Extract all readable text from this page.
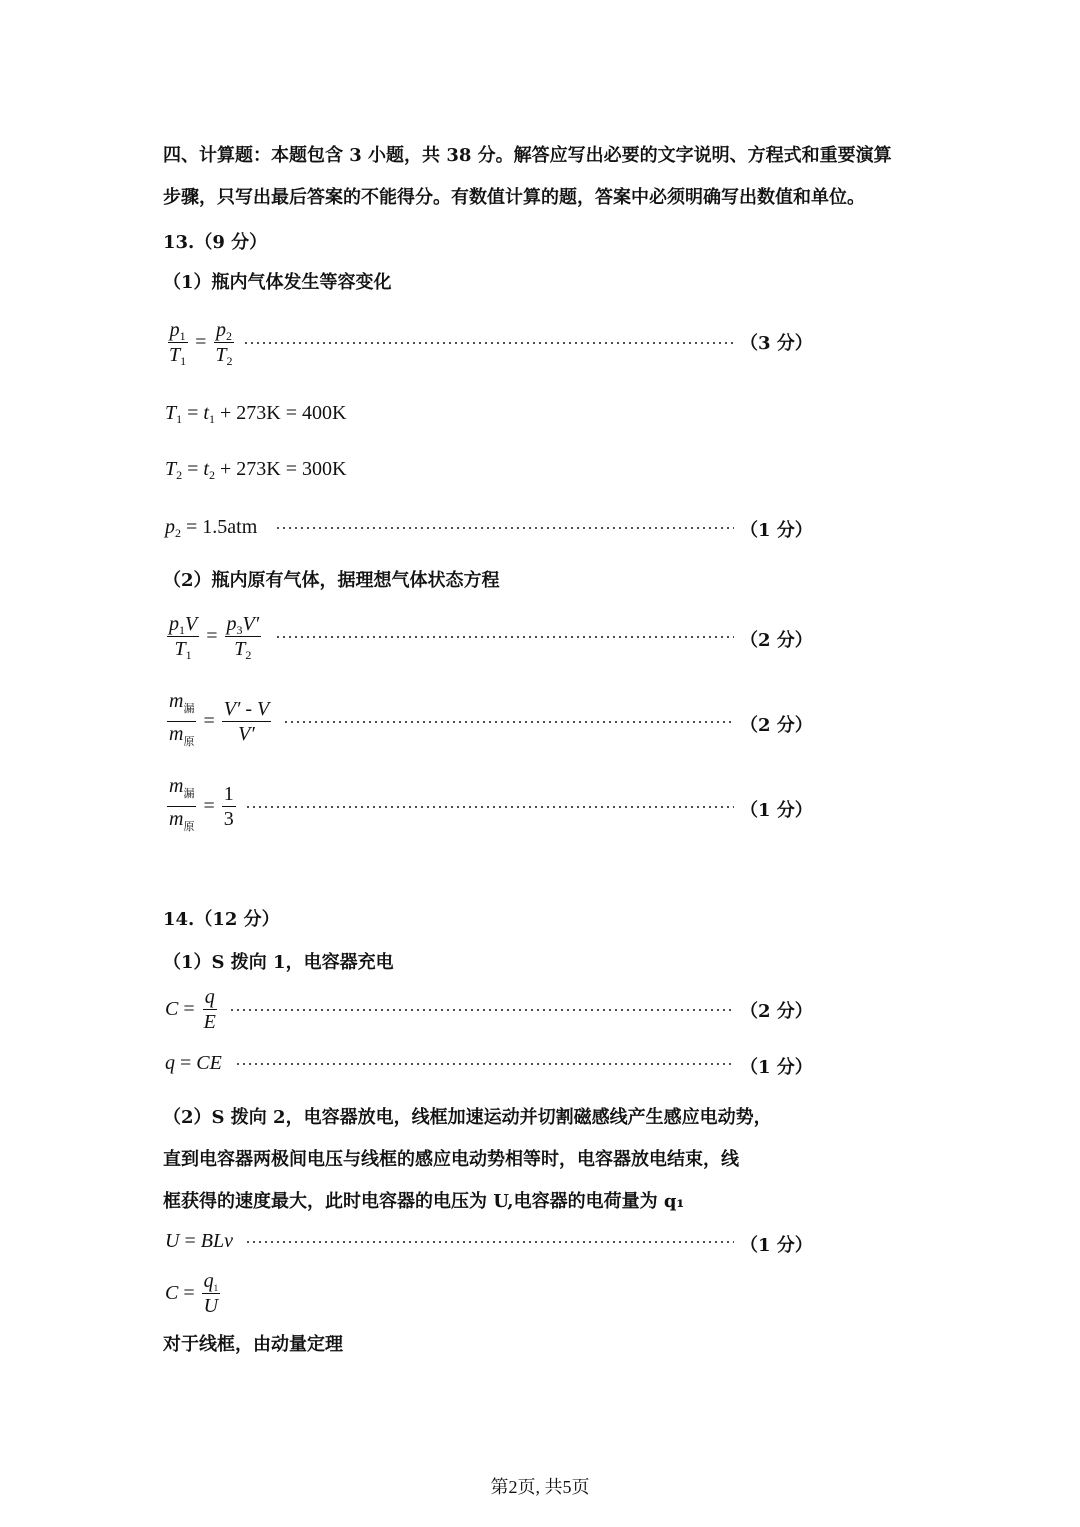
四、计算题：本题包含 3 小题，共 38 分。解答应写出必要的文字说明、方程式和重要演算
步骤，只写出最后答案的不能得分。有数值计算的题，答案中必须明确写出数值和单位。
13.（9 分）
（1）瓶内气体发生等容变化
$\frac{p_1}{T_1} = \frac{p_2}{T_2}$	（3 分）
$T_1 = t_1 + 273K = 400K$
$T_2 = t_2 + 273K = 300K$
$p_2 = 1.5atm$	（1 分）
（2）瓶内原有气体，据理想气体状态方程
$\frac{p_1V}{T_1} = \frac{p_3V'}{T_2}$	（2 分）
$\frac{m_漏}{m_原} = \frac{V' - V}{V'}$	（2 分）
$\frac{m_漏}{m_原} = \frac{1}{3}$	（1 分）
14.（12 分）
（1）S 拨向 1，电容器充电
$C = \frac{q}{E}$	（2 分）
q = CE	（1 分）
（2）S 拨向 2，电容器放电，线框加速运动并切割磁感线产生感应电动势，
直到电容器两极间电压与线框的感应电动势相等时，电容器放电结束，线
框获得的速度最大，此时电容器的电压为 U,电容器的电荷量为 q₁
U = BLv	（1 分）
$C = \frac{q_1}{U}$
对于线框，由动量定理
第2页, 共5页
